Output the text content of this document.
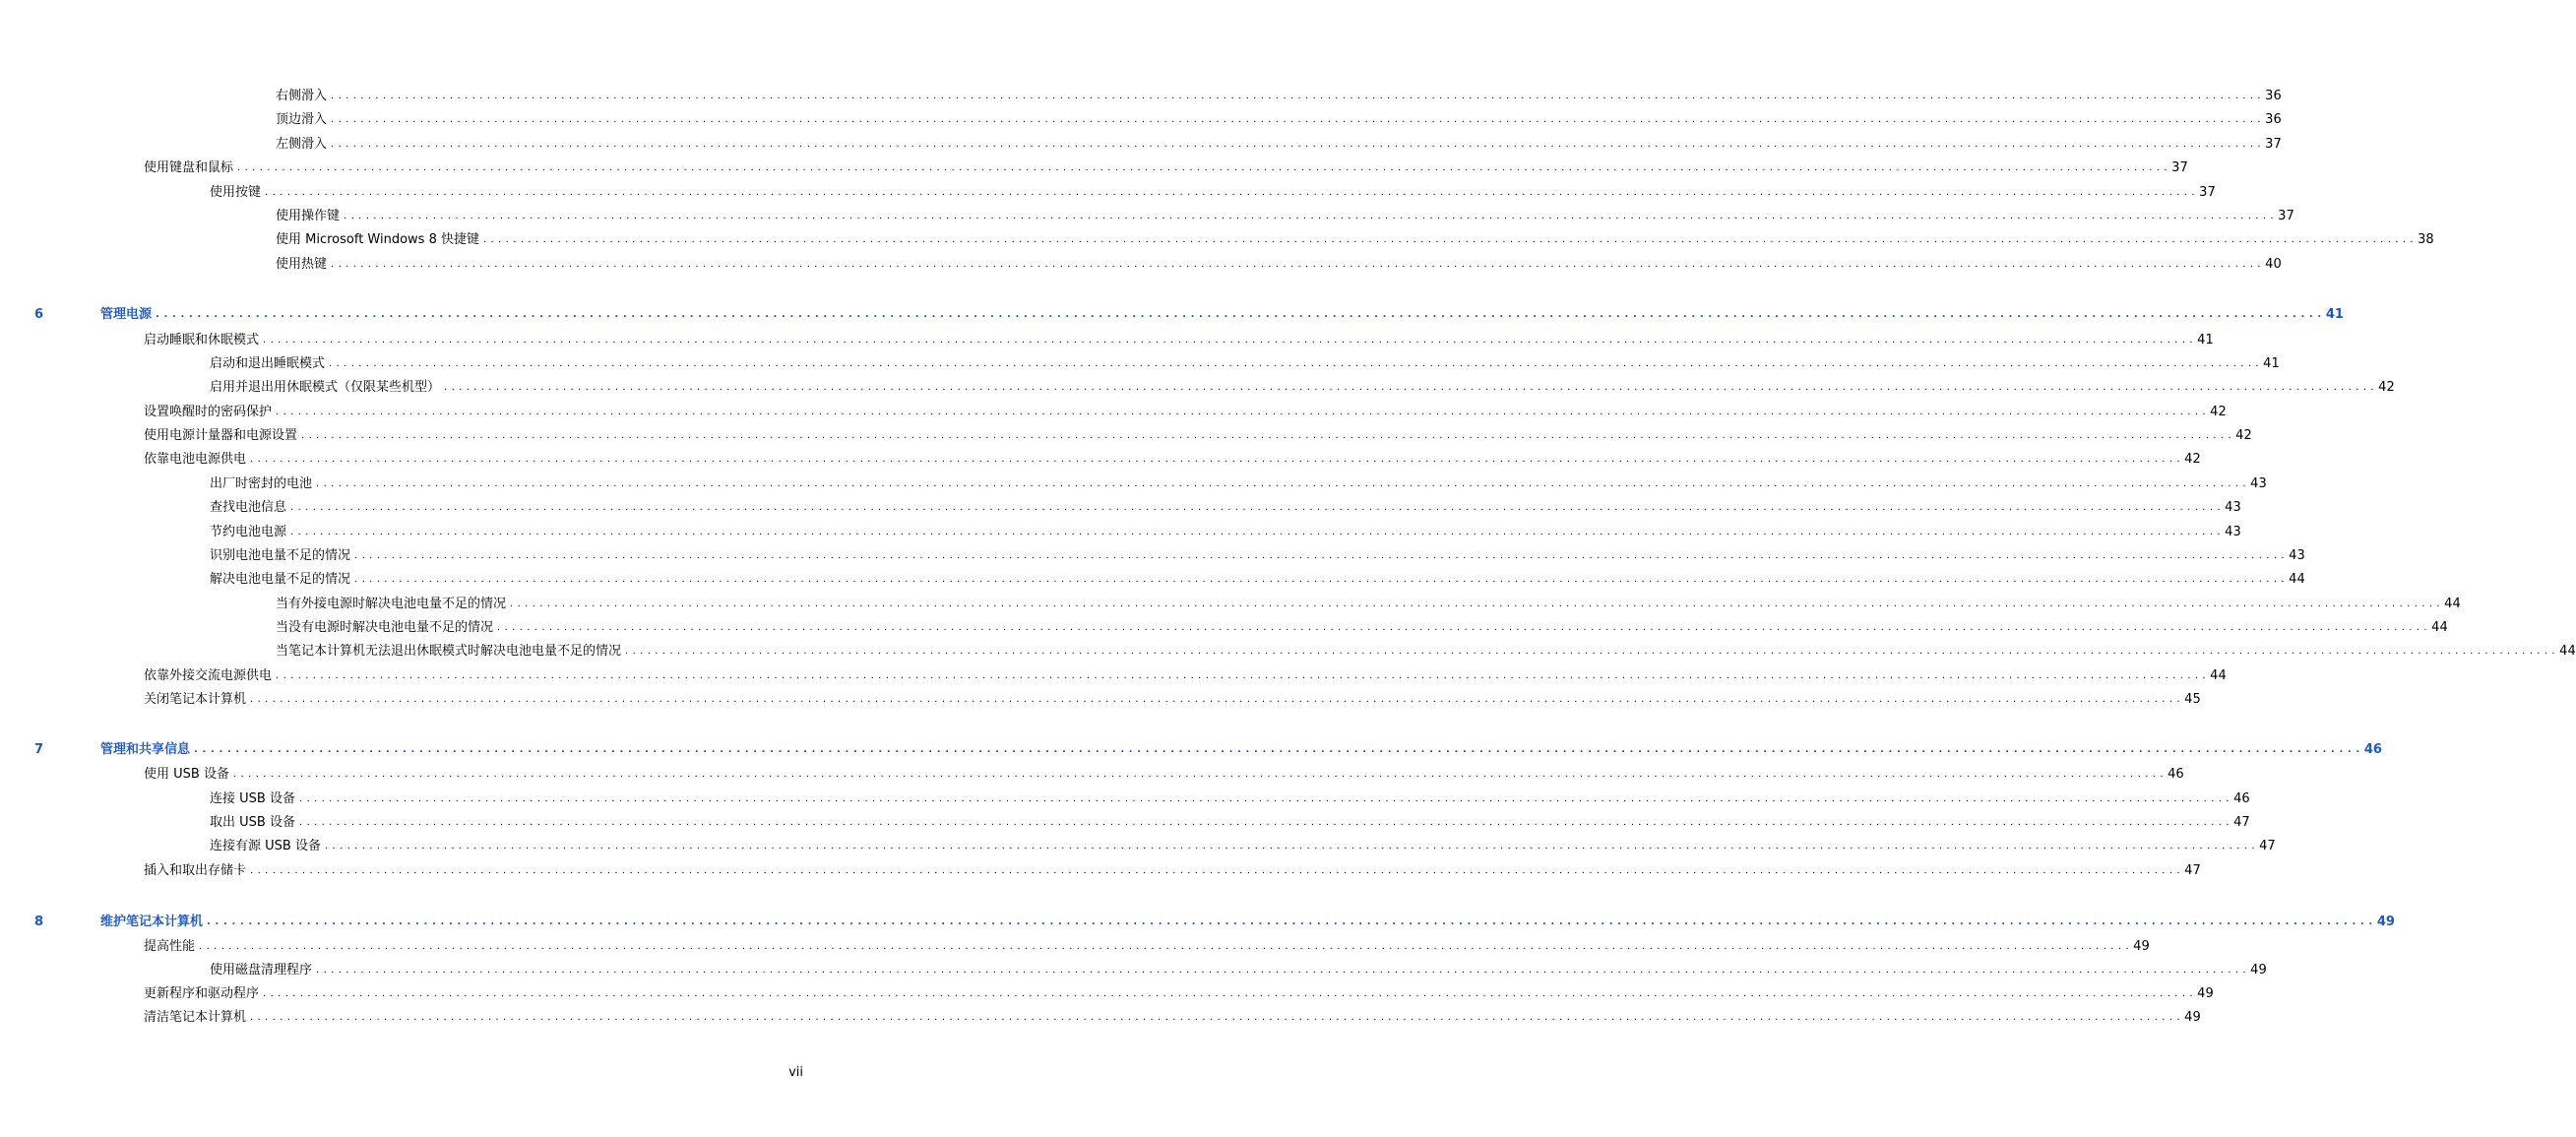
右侧滑入 . . . . . . . . . . . . . . . . . . . . . . . . . . . . . . . . . . . . . . . . . . . . . . . . . . . . . . . . . . . . . . . . . . . . . . . . . . . . . . . . . . . . . . . . . . . . . . . . . . . . . . . . . . . . . . . . . . . . . . . . . . . . . . . . . . . . . . . . . . . . . . . . . . . . . . . . . . . . . . . . . . . . . . . . . . . . . . . . . . . . . . . . . . . . . . . . . . . . . . . . . . . . . . . . . . . . . . . . . . . . . . . . . . . . . . . . . . . . . . . . . . . . . . . . . . . . . . . . . . . . 36
顶边滑入 . . . . . . . . . . . . . . . . . . . . . . . . . . . . . . . . . . . . . . . . . . . . . . . . . . . . . . . . . . . . . . . . . . . . . . . . . . . . . . . . . . . . . . . . . . . . . . . . . . . . . . . . . . . . . . . . . . . . . . . . . . . . . . . . . . . . . . . . . . . . . . . . . . . . . . . . . . . . . . . . . . . . . . . . . . . . . . . . . . . . . . . . . . . . . . . . . . . . . . . . . . . . . . . . . . . . . . . . . . . . . . . . . . . . . . . . . . . . . . . . . . . . . . . . . . . . . . . . . . . . 36
左侧滑入 . . . . . . . . . . . . . . . . . . . . . . . . . . . . . . . . . . . . . . . . . . . . . . . . . . . . . . . . . . . . . . . . . . . . . . . . . . . . . . . . . . . . . . . . . . . . . . . . . . . . . . . . . . . . . . . . . . . . . . . . . . . . . . . . . . . . . . . . . . . . . . . . . . . . . . . . . . . . . . . . . . . . . . . . . . . . . . . . . . . . . . . . . . . . . . . . . . . . . . . . . . . . . . . . . . . . . . . . . . . . . . . . . . . . . . . . . . . . . . . . . . . . . . . . . . . . . . . . . . . . 37
使用键盘和鼠标 . . . . . . . . . . . . . . . . . . . . . . . . . . . . . . . . . . . . . . . . . . . . . . . . . . . . . . . . . . . . . . . . . . . . . . . . . . . . . . . . . . . . . . . . . . . . . . . . . . . . . . . . . . . . . . . . . . . . . . . . . . . . . . . . . . . . . . . . . . . . . . . . . . . . . . . . . . . . . . . . . . . . . . . . . . . . . . . . . . . . . . . . . . . . . . . . . . . . . . . . . . . . . . . . . . . . . . . . . . . . . . . . . . . . . . . . . . . . . . . . . . . . . . . . . . . . . . . . . . . . 37
使用按键 . . . . . . . . . . . . . . . . . . . . . . . . . . . . . . . . . . . . . . . . . . . . . . . . . . . . . . . . . . . . . . . . . . . . . . . . . . . . . . . . . . . . . . . . . . . . . . . . . . . . . . . . . . . . . . . . . . . . . . . . . . . . . . . . . . . . . . . . . . . . . . . . . . . . . . . . . . . . . . . . . . . . . . . . . . . . . . . . . . . . . . . . . . . . . . . . . . . . . . . . . . . . . . . . . . . . . . . . . . . . . . . . . . . . . . . . . . . . . . . . . . . . . . . . . . . . . . . . . . . . 37
使用操作键 . . . . . . . . . . . . . . . . . . . . . . . . . . . . . . . . . . . . . . . . . . . . . . . . . . . . . . . . . . . . . . . . . . . . . . . . . . . . . . . . . . . . . . . . . . . . . . . . . . . . . . . . . . . . . . . . . . . . . . . . . . . . . . . . . . . . . . . . . . . . . . . . . . . . . . . . . . . . . . . . . . . . . . . . . . . . . . . . . . . . . . . . . . . . . . . . . . . . . . . . . . . . . . . . . . . . . . . . . . . . . . . . . . . . . . . . . . . . . . . . . . . . . . . . . . . . . . . . . . . . 37
使用 Microsoft Windows 8 快捷键 . . . . . . . . . . . . . . . . . . . . . . . . . . . . . . . . . . . . . . . . . . . . . . . . . . . . . . . . . . . . . . . . . . . . . . . . . . . . . . . . . . . . . . . . . . . . . . . . . . . . . . . . . . . . . . . . . . . . . . . . . . . . . . . . . . . . . . . . . . . . . . . . . . . . . . . . . . . . . . . . . . . . . . . . . . . . . . . . . . . . . . . . . . . . . . . . . . . . . . . . . . . . . . . . . . . . . . . . . . . . . . . . . . . . . . . . . . . . . . . . . . . . . . . . . . . . . . . . . . . . 38
使用热键 . . . . . . . . . . . . . . . . . . . . . . . . . . . . . . . . . . . . . . . . . . . . . . . . . . . . . . . . . . . . . . . . . . . . . . . . . . . . . . . . . . . . . . . . . . . . . . . . . . . . . . . . . . . . . . . . . . . . . . . . . . . . . . . . . . . . . . . . . . . . . . . . . . . . . . . . . . . . . . . . . . . . . . . . . . . . . . . . . . . . . . . . . . . . . . . . . . . . . . . . . . . . . . . . . . . . . . . . . . . . . . . . . . . . . . . . . . . . . . . . . . . . . . . . . . . . . . . . . . . . 40
6	管理电源 . . . . . . . . . . . . . . . . . . . . . . . . . . . . . . . . . . . . . . . . . . . . . . . . . . . . . . . . . . . . . . . . . . . . . . . . . . . . . . . . . . . . . . . . . . . . . . . . . . . . . . . . . . . . . . . . . . . . . . . . . . . . . . . . . . . . . . . . . . . . . . . . . . . . . . . . . . . . . . . . . . . . . . . . . . . . . . . . . . . . . . . . . . . . . . . . . . . . . . . . . . . . . . . . . . . . . . . . . . . . . . . . . . . . . . . . . . . . . . . . . . . . . . . . . . . . . . . . . . . . 41
启动睡眠和休眠模式 . . . . . . . . . . . . . . . . . . . . . . . . . . . . . . . . . . . . . . . . . . . . . . . . . . . . . . . . . . . . . . . . . . . . . . . . . . . . . . . . . . . . . . . . . . . . . . . . . . . . . . . . . . . . . . . . . . . . . . . . . . . . . . . . . . . . . . . . . . . . . . . . . . . . . . . . . . . . . . . . . . . . . . . . . . . . . . . . . . . . . . . . . . . . . . . . . . . . . . . . . . . . . . . . . . . . . . . . . . . . . . . . . . . . . . . . . . . . . . . . . . . . . . . . . . . . . . . . . . . . 41
启动和退出睡眠模式 . . . . . . . . . . . . . . . . . . . . . . . . . . . . . . . . . . . . . . . . . . . . . . . . . . . . . . . . . . . . . . . . . . . . . . . . . . . . . . . . . . . . . . . . . . . . . . . . . . . . . . . . . . . . . . . . . . . . . . . . . . . . . . . . . . . . . . . . . . . . . . . . . . . . . . . . . . . . . . . . . . . . . . . . . . . . . . . . . . . . . . . . . . . . . . . . . . . . . . . . . . . . . . . . . . . . . . . . . . . . . . . . . . . . . . . . . . . . . . . . . . . . . . . . . . . . . . . . . . . . 41
启用并退出用休眠模式（仅限某些机型） . . . . . . . . . . . . . . . . . . . . . . . . . . . . . . . . . . . . . . . . . . . . . . . . . . . . . . . . . . . . . . . . . . . . . . . . . . . . . . . . . . . . . . . . . . . . . . . . . . . . . . . . . . . . . . . . . . . . . . . . . . . . . . . . . . . . . . . . . . . . . . . . . . . . . . . . . . . . . . . . . . . . . . . . . . . . . . . . . . . . . . . . . . . . . . . . . . . . . . . . . . . . . . . . . . . . . . . . . . . . . . . . . . . . . . . . . . . . . . . . . . . . . . . . . . . . . . . . . . . . 42
设置唤醒时的密码保护 . . . . . . . . . . . . . . . . . . . . . . . . . . . . . . . . . . . . . . . . . . . . . . . . . . . . . . . . . . . . . . . . . . . . . . . . . . . . . . . . . . . . . . . . . . . . . . . . . . . . . . . . . . . . . . . . . . . . . . . . . . . . . . . . . . . . . . . . . . . . . . . . . . . . . . . . . . . . . . . . . . . . . . . . . . . . . . . . . . . . . . . . . . . . . . . . . . . . . . . . . . . . . . . . . . . . . . . . . . . . . . . . . . . . . . . . . . . . . . . . . . . . . . . . . . . . . . . . . . . . 42
使用电源计量器和电源设置 . . . . . . . . . . . . . . . . . . . . . . . . . . . . . . . . . . . . . . . . . . . . . . . . . . . . . . . . . . . . . . . . . . . . . . . . . . . . . . . . . . . . . . . . . . . . . . . . . . . . . . . . . . . . . . . . . . . . . . . . . . . . . . . . . . . . . . . . . . . . . . . . . . . . . . . . . . . . . . . . . . . . . . . . . . . . . . . . . . . . . . . . . . . . . . . . . . . . . . . . . . . . . . . . . . . . . . . . . . . . . . . . . . . . . . . . . . . . . . . . . . . . . . . . . . . . . . . . . . . . 42
依靠电池电源供电 . . . . . . . . . . . . . . . . . . . . . . . . . . . . . . . . . . . . . . . . . . . . . . . . . . . . . . . . . . . . . . . . . . . . . . . . . . . . . . . . . . . . . . . . . . . . . . . . . . . . . . . . . . . . . . . . . . . . . . . . . . . . . . . . . . . . . . . . . . . . . . . . . . . . . . . . . . . . . . . . . . . . . . . . . . . . . . . . . . . . . . . . . . . . . . . . . . . . . . . . . . . . . . . . . . . . . . . . . . . . . . . . . . . . . . . . . . . . . . . . . . . . . . . . . . . . . . . . . . . . 42
出厂时密封的电池 . . . . . . . . . . . . . . . . . . . . . . . . . . . . . . . . . . . . . . . . . . . . . . . . . . . . . . . . . . . . . . . . . . . . . . . . . . . . . . . . . . . . . . . . . . . . . . . . . . . . . . . . . . . . . . . . . . . . . . . . . . . . . . . . . . . . . . . . . . . . . . . . . . . . . . . . . . . . . . . . . . . . . . . . . . . . . . . . . . . . . . . . . . . . . . . . . . . . . . . . . . . . . . . . . . . . . . . . . . . . . . . . . . . . . . . . . . . . . . . . . . . . . . . . . . . . . . . . . . . . 43
查找电池信息 . . . . . . . . . . . . . . . . . . . . . . . . . . . . . . . . . . . . . . . . . . . . . . . . . . . . . . . . . . . . . . . . . . . . . . . . . . . . . . . . . . . . . . . . . . . . . . . . . . . . . . . . . . . . . . . . . . . . . . . . . . . . . . . . . . . . . . . . . . . . . . . . . . . . . . . . . . . . . . . . . . . . . . . . . . . . . . . . . . . . . . . . . . . . . . . . . . . . . . . . . . . . . . . . . . . . . . . . . . . . . . . . . . . . . . . . . . . . . . . . . . . . . . . . . . . . . . . . . . . . 43
节约电池电源 . . . . . . . . . . . . . . . . . . . . . . . . . . . . . . . . . . . . . . . . . . . . . . . . . . . . . . . . . . . . . . . . . . . . . . . . . . . . . . . . . . . . . . . . . . . . . . . . . . . . . . . . . . . . . . . . . . . . . . . . . . . . . . . . . . . . . . . . . . . . . . . . . . . . . . . . . . . . . . . . . . . . . . . . . . . . . . . . . . . . . . . . . . . . . . . . . . . . . . . . . . . . . . . . . . . . . . . . . . . . . . . . . . . . . . . . . . . . . . . . . . . . . . . . . . . . . . . . . . . . 43
识别电池电量不足的情况 . . . . . . . . . . . . . . . . . . . . . . . . . . . . . . . . . . . . . . . . . . . . . . . . . . . . . . . . . . . . . . . . . . . . . . . . . . . . . . . . . . . . . . . . . . . . . . . . . . . . . . . . . . . . . . . . . . . . . . . . . . . . . . . . . . . . . . . . . . . . . . . . . . . . . . . . . . . . . . . . . . . . . . . . . . . . . . . . . . . . . . . . . . . . . . . . . . . . . . . . . . . . . . . . . . . . . . . . . . . . . . . . . . . . . . . . . . . . . . . . . . . . . . . . . . . . . . . . . . . . 43
解决电池电量不足的情况 . . . . . . . . . . . . . . . . . . . . . . . . . . . . . . . . . . . . . . . . . . . . . . . . . . . . . . . . . . . . . . . . . . . . . . . . . . . . . . . . . . . . . . . . . . . . . . . . . . . . . . . . . . . . . . . . . . . . . . . . . . . . . . . . . . . . . . . . . . . . . . . . . . . . . . . . . . . . . . . . . . . . . . . . . . . . . . . . . . . . . . . . . . . . . . . . . . . . . . . . . . . . . . . . . . . . . . . . . . . . . . . . . . . . . . . . . . . . . . . . . . . . . . . . . . . . . . . . . . . . 44
当有外接电源时解决电池电量不足的情况 . . . . . . . . . . . . . . . . . . . . . . . . . . . . . . . . . . . . . . . . . . . . . . . . . . . . . . . . . . . . . . . . . . . . . . . . . . . . . . . . . . . . . . . . . . . . . . . . . . . . . . . . . . . . . . . . . . . . . . . . . . . . . . . . . . . . . . . . . . . . . . . . . . . . . . . . . . . . . . . . . . . . . . . . . . . . . . . . . . . . . . . . . . . . . . . . . . . . . . . . . . . . . . . . . . . . . . . . . . . . . . . . . . . . . . . . . . . . . . . . . . . . . . . . . . . . . . . . . . . . 44
当没有电源时解决电池电量不足的情况 . . . . . . . . . . . . . . . . . . . . . . . . . . . . . . . . . . . . . . . . . . . . . . . . . . . . . . . . . . . . . . . . . . . . . . . . . . . . . . . . . . . . . . . . . . . . . . . . . . . . . . . . . . . . . . . . . . . . . . . . . . . . . . . . . . . . . . . . . . . . . . . . . . . . . . . . . . . . . . . . . . . . . . . . . . . . . . . . . . . . . . . . . . . . . . . . . . . . . . . . . . . . . . . . . . . . . . . . . . . . . . . . . . . . . . . . . . . . . . . . . . . . . . . . . . . . . . . . . . . . 44
当笔记本计算机无法退出休眠模式时解决电池电量不足的情况 . . . . . . . . . . . . . . . . . . . . . . . . . . . . . . . . . . . . . . . . . . . . . . . . . . . . . . . . . . . . . . . . . . . . . . . . . . . . . . . . . . . . . . . . . . . . . . . . . . . . . . . . . . . . . . . . . . . . . . . . . . . . . . . . . . . . . . . . . . . . . . . . . . . . . . . . . . . . . . . . . . . . . . . . . . . . . . . . . . . . . . . . . . . . . . . . . . . . . . . . . . . . . . . . . . . . . . . . . . . . . . . . . . . . . . . . . . . . . . . . . . . . . . . . . . . . . . . . . . . . 44
依靠外接交流电源供电 . . . . . . . . . . . . . . . . . . . . . . . . . . . . . . . . . . . . . . . . . . . . . . . . . . . . . . . . . . . . . . . . . . . . . . . . . . . . . . . . . . . . . . . . . . . . . . . . . . . . . . . . . . . . . . . . . . . . . . . . . . . . . . . . . . . . . . . . . . . . . . . . . . . . . . . . . . . . . . . . . . . . . . . . . . . . . . . . . . . . . . . . . . . . . . . . . . . . . . . . . . . . . . . . . . . . . . . . . . . . . . . . . . . . . . . . . . . . . . . . . . . . . . . . . . . . . . . . . . . . 44
关闭笔记本计算机 . . . . . . . . . . . . . . . . . . . . . . . . . . . . . . . . . . . . . . . . . . . . . . . . . . . . . . . . . . . . . . . . . . . . . . . . . . . . . . . . . . . . . . . . . . . . . . . . . . . . . . . . . . . . . . . . . . . . . . . . . . . . . . . . . . . . . . . . . . . . . . . . . . . . . . . . . . . . . . . . . . . . . . . . . . . . . . . . . . . . . . . . . . . . . . . . . . . . . . . . . . . . . . . . . . . . . . . . . . . . . . . . . . . . . . . . . . . . . . . . . . . . . . . . . . . . . . . . . . . . 45
7	管理和共享信息 . . . . . . . . . . . . . . . . . . . . . . . . . . . . . . . . . . . . . . . . . . . . . . . . . . . . . . . . . . . . . . . . . . . . . . . . . . . . . . . . . . . . . . . . . . . . . . . . . . . . . . . . . . . . . . . . . . . . . . . . . . . . . . . . . . . . . . . . . . . . . . . . . . . . . . . . . . . . . . . . . . . . . . . . . . . . . . . . . . . . . . . . . . . . . . . . . . . . . . . . . . . . . . . . . . . . . . . . . . . . . . . . . . . . . . . . . . . . . . . . . . . . . . . . . . . . . . . . . . . . 46
使用 USB 设备 . . . . . . . . . . . . . . . . . . . . . . . . . . . . . . . . . . . . . . . . . . . . . . . . . . . . . . . . . . . . . . . . . . . . . . . . . . . . . . . . . . . . . . . . . . . . . . . . . . . . . . . . . . . . . . . . . . . . . . . . . . . . . . . . . . . . . . . . . . . . . . . . . . . . . . . . . . . . . . . . . . . . . . . . . . . . . . . . . . . . . . . . . . . . . . . . . . . . . . . . . . . . . . . . . . . . . . . . . . . . . . . . . . . . . . . . . . . . . . . . . . . . . . . . . . . . . . . . . . . . 46
连接 USB 设备 . . . . . . . . . . . . . . . . . . . . . . . . . . . . . . . . . . . . . . . . . . . . . . . . . . . . . . . . . . . . . . . . . . . . . . . . . . . . . . . . . . . . . . . . . . . . . . . . . . . . . . . . . . . . . . . . . . . . . . . . . . . . . . . . . . . . . . . . . . . . . . . . . . . . . . . . . . . . . . . . . . . . . . . . . . . . . . . . . . . . . . . . . . . . . . . . . . . . . . . . . . . . . . . . . . . . . . . . . . . . . . . . . . . . . . . . . . . . . . . . . . . . . . . . . . . . . . . . . . . . 46
取出 USB 设备 . . . . . . . . . . . . . . . . . . . . . . . . . . . . . . . . . . . . . . . . . . . . . . . . . . . . . . . . . . . . . . . . . . . . . . . . . . . . . . . . . . . . . . . . . . . . . . . . . . . . . . . . . . . . . . . . . . . . . . . . . . . . . . . . . . . . . . . . . . . . . . . . . . . . . . . . . . . . . . . . . . . . . . . . . . . . . . . . . . . . . . . . . . . . . . . . . . . . . . . . . . . . . . . . . . . . . . . . . . . . . . . . . . . . . . . . . . . . . . . . . . . . . . . . . . . . . . . . . . . . 47
连接有源 USB 设备 . . . . . . . . . . . . . . . . . . . . . . . . . . . . . . . . . . . . . . . . . . . . . . . . . . . . . . . . . . . . . . . . . . . . . . . . . . . . . . . . . . . . . . . . . . . . . . . . . . . . . . . . . . . . . . . . . . . . . . . . . . . . . . . . . . . . . . . . . . . . . . . . . . . . . . . . . . . . . . . . . . . . . . . . . . . . . . . . . . . . . . . . . . . . . . . . . . . . . . . . . . . . . . . . . . . . . . . . . . . . . . . . . . . . . . . . . . . . . . . . . . . . . . . . . . . . . . . . . . . . 47
插入和取出存储卡 . . . . . . . . . . . . . . . . . . . . . . . . . . . . . . . . . . . . . . . . . . . . . . . . . . . . . . . . . . . . . . . . . . . . . . . . . . . . . . . . . . . . . . . . . . . . . . . . . . . . . . . . . . . . . . . . . . . . . . . . . . . . . . . . . . . . . . . . . . . . . . . . . . . . . . . . . . . . . . . . . . . . . . . . . . . . . . . . . . . . . . . . . . . . . . . . . . . . . . . . . . . . . . . . . . . . . . . . . . . . . . . . . . . . . . . . . . . . . . . . . . . . . . . . . . . . . . . . . . . . 47
8	维护笔记本计算机 . . . . . . . . . . . . . . . . . . . . . . . . . . . . . . . . . . . . . . . . . . . . . . . . . . . . . . . . . . . . . . . . . . . . . . . . . . . . . . . . . . . . . . . . . . . . . . . . . . . . . . . . . . . . . . . . . . . . . . . . . . . . . . . . . . . . . . . . . . . . . . . . . . . . . . . . . . . . . . . . . . . . . . . . . . . . . . . . . . . . . . . . . . . . . . . . . . . . . . . . . . . . . . . . . . . . . . . . . . . . . . . . . . . . . . . . . . . . . . . . . . . . . . . . . . . . . . . . . . . . 49
提高性能 . . . . . . . . . . . . . . . . . . . . . . . . . . . . . . . . . . . . . . . . . . . . . . . . . . . . . . . . . . . . . . . . . . . . . . . . . . . . . . . . . . . . . . . . . . . . . . . . . . . . . . . . . . . . . . . . . . . . . . . . . . . . . . . . . . . . . . . . . . . . . . . . . . . . . . . . . . . . . . . . . . . . . . . . . . . . . . . . . . . . . . . . . . . . . . . . . . . . . . . . . . . . . . . . . . . . . . . . . . . . . . . . . . . . . . . . . . . . . . . . . . . . . . . . . . . . . . . . . . . . 49
使用磁盘清理程序 . . . . . . . . . . . . . . . . . . . . . . . . . . . . . . . . . . . . . . . . . . . . . . . . . . . . . . . . . . . . . . . . . . . . . . . . . . . . . . . . . . . . . . . . . . . . . . . . . . . . . . . . . . . . . . . . . . . . . . . . . . . . . . . . . . . . . . . . . . . . . . . . . . . . . . . . . . . . . . . . . . . . . . . . . . . . . . . . . . . . . . . . . . . . . . . . . . . . . . . . . . . . . . . . . . . . . . . . . . . . . . . . . . . . . . . . . . . . . . . . . . . . . . . . . . . . . . . . . . . . 49
更新程序和驱动程序 . . . . . . . . . . . . . . . . . . . . . . . . . . . . . . . . . . . . . . . . . . . . . . . . . . . . . . . . . . . . . . . . . . . . . . . . . . . . . . . . . . . . . . . . . . . . . . . . . . . . . . . . . . . . . . . . . . . . . . . . . . . . . . . . . . . . . . . . . . . . . . . . . . . . . . . . . . . . . . . . . . . . . . . . . . . . . . . . . . . . . . . . . . . . . . . . . . . . . . . . . . . . . . . . . . . . . . . . . . . . . . . . . . . . . . . . . . . . . . . . . . . . . . . . . . . . . . . . . . . . 49
清洁笔记本计算机 . . . . . . . . . . . . . . . . . . . . . . . . . . . . . . . . . . . . . . . . . . . . . . . . . . . . . . . . . . . . . . . . . . . . . . . . . . . . . . . . . . . . . . . . . . . . . . . . . . . . . . . . . . . . . . . . . . . . . . . . . . . . . . . . . . . . . . . . . . . . . . . . . . . . . . . . . . . . . . . . . . . . . . . . . . . . . . . . . . . . . . . . . . . . . . . . . . . . . . . . . . . . . . . . . . . . . . . . . . . . . . . . . . . . . . . . . . . . . . . . . . . . . . . . . . . . . . . . . . . . 49
vii
